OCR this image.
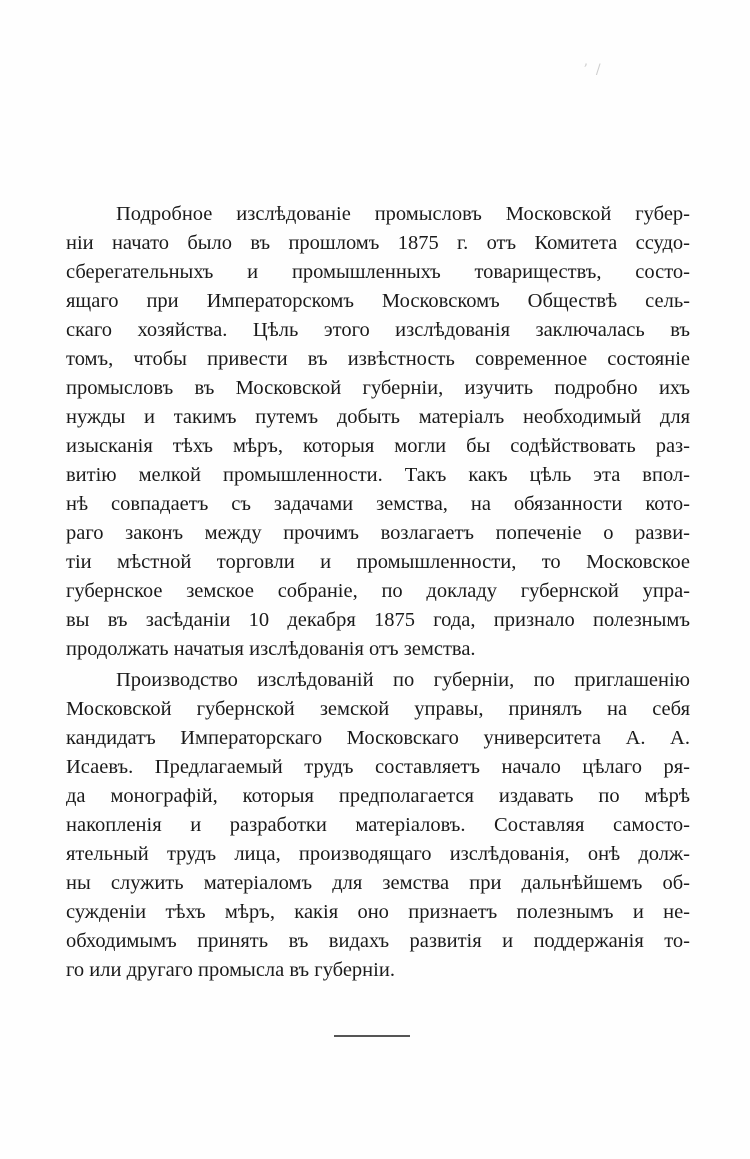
ʼ /
Подробное изслѣдованіе промысловъ Московской губер-
ніи начато было въ прошломъ 1875 г. отъ Комитета ссудо-
сберегательныхъ и промышленныхъ товариществъ, состо-
ящаго при Императорскомъ Московскомъ Обществѣ сель-
скаго хозяйства. Цѣль этого изслѣдованія заключалась въ
томъ, чтобы привести въ извѣстность современное состояніе
промысловъ въ Московской губерніи, изучить подробно ихъ
нужды и такимъ путемъ добыть матеріалъ необходимый для
изысканія тѣхъ мѣръ, которыя могли бы содѣйствовать раз-
витію мелкой промышленности. Такъ какъ цѣль эта впол-
нѣ совпадаетъ съ задачами земства, на обязанности кото-
раго законъ между прочимъ возлагаетъ попеченіе о разви-
тіи мѣстной торговли и промышленности, то Московское
губернское земское собраніе, по докладу губернской упра-
вы въ засѣданіи 10 декабря 1875 года, признало полезнымъ
продолжать начатыя изслѣдованія отъ земства.
Производство изслѣдованій по губерніи, по приглашенію
Московской губернской земской управы, принялъ на себя
кандидатъ Императорскаго Московскаго университета А. А.
Исаевъ. Предлагаемый трудъ составляетъ начало цѣлаго ря-
да монографій, которыя предполагается издавать по мѣрѣ
накопленія и разработки матеріаловъ. Составляя самосто-
ятельный трудъ лица, производящаго изслѣдованія, онѣ долж-
ны служить матеріаломъ для земства при дальнѣйшемъ об-
сужденіи тѣхъ мѣръ, какія оно признаетъ полезнымъ и не-
обходимымъ принять въ видахъ развитія и поддержанія то-
го или другаго промысла въ губерніи.
